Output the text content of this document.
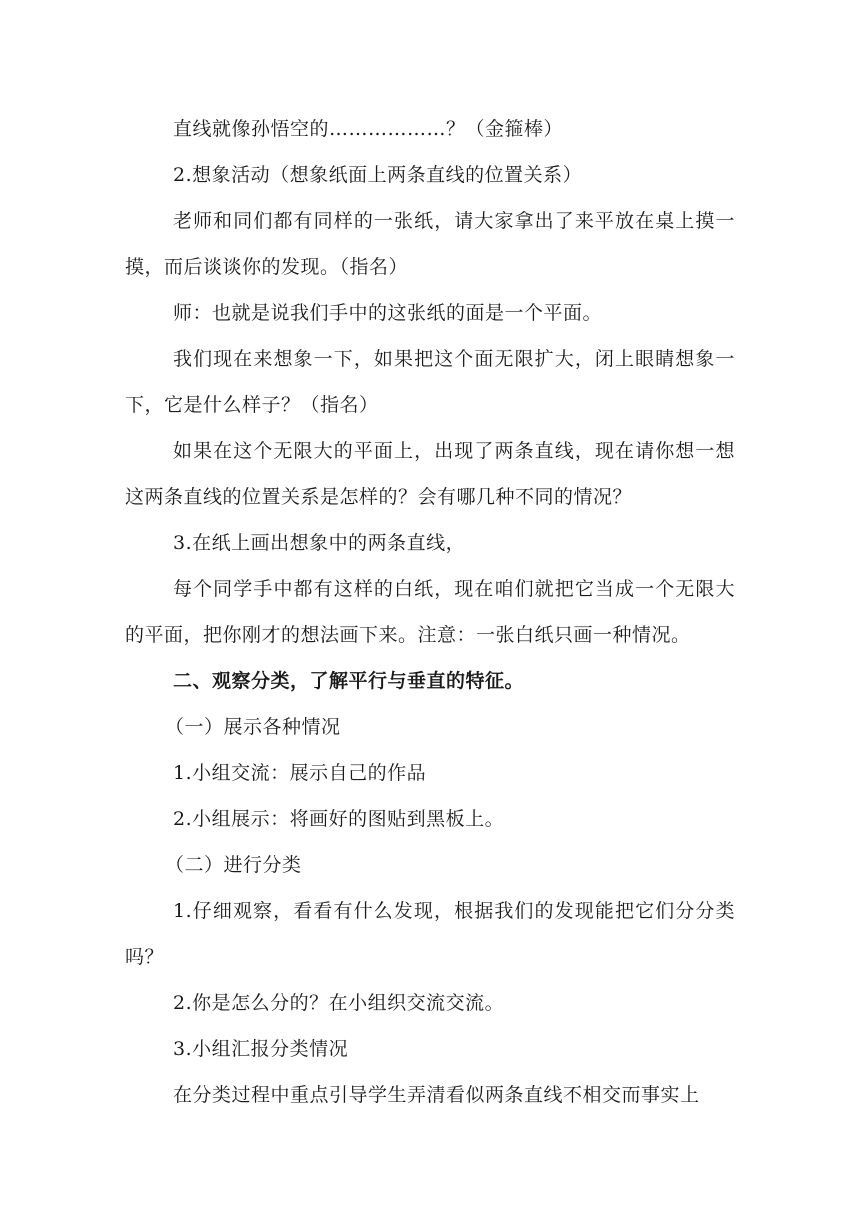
直线就像孙悟空的………………？（金箍棒）

2.想象活动（想象纸面上两条直线的位置关系）

老师和同们都有同样的一张纸，请大家拿出了来平放在桌上摸一摸，而后谈谈你的发现。（指名）

师：也就是说我们手中的这张纸的面是一个平面。

我们现在来想象一下，如果把这个面无限扩大，闭上眼睛想象一下，它是什么样子？（指名）

如果在这个无限大的平面上，出现了两条直线，现在请你想一想这两条直线的位置关系是怎样的？会有哪几种不同的情况？

3.在纸上画出想象中的两条直线，

每个同学手中都有这样的白纸，现在咱们就把它当成一个无限大的平面，把你刚才的想法画下来。注意：一张白纸只画一种情况。

二、观察分类，了解平行与垂直的特征。

（一）展示各种情况

1.小组交流：展示自己的作品

2.小组展示：将画好的图贴到黑板上。

（二）进行分类

1.仔细观察，看看有什么发现，根据我们的发现能把它们分分类吗？

2.你是怎么分的？在小组织交流交流。

3.小组汇报分类情况

在分类过程中重点引导学生弄清看似两条直线不相交而事实上
